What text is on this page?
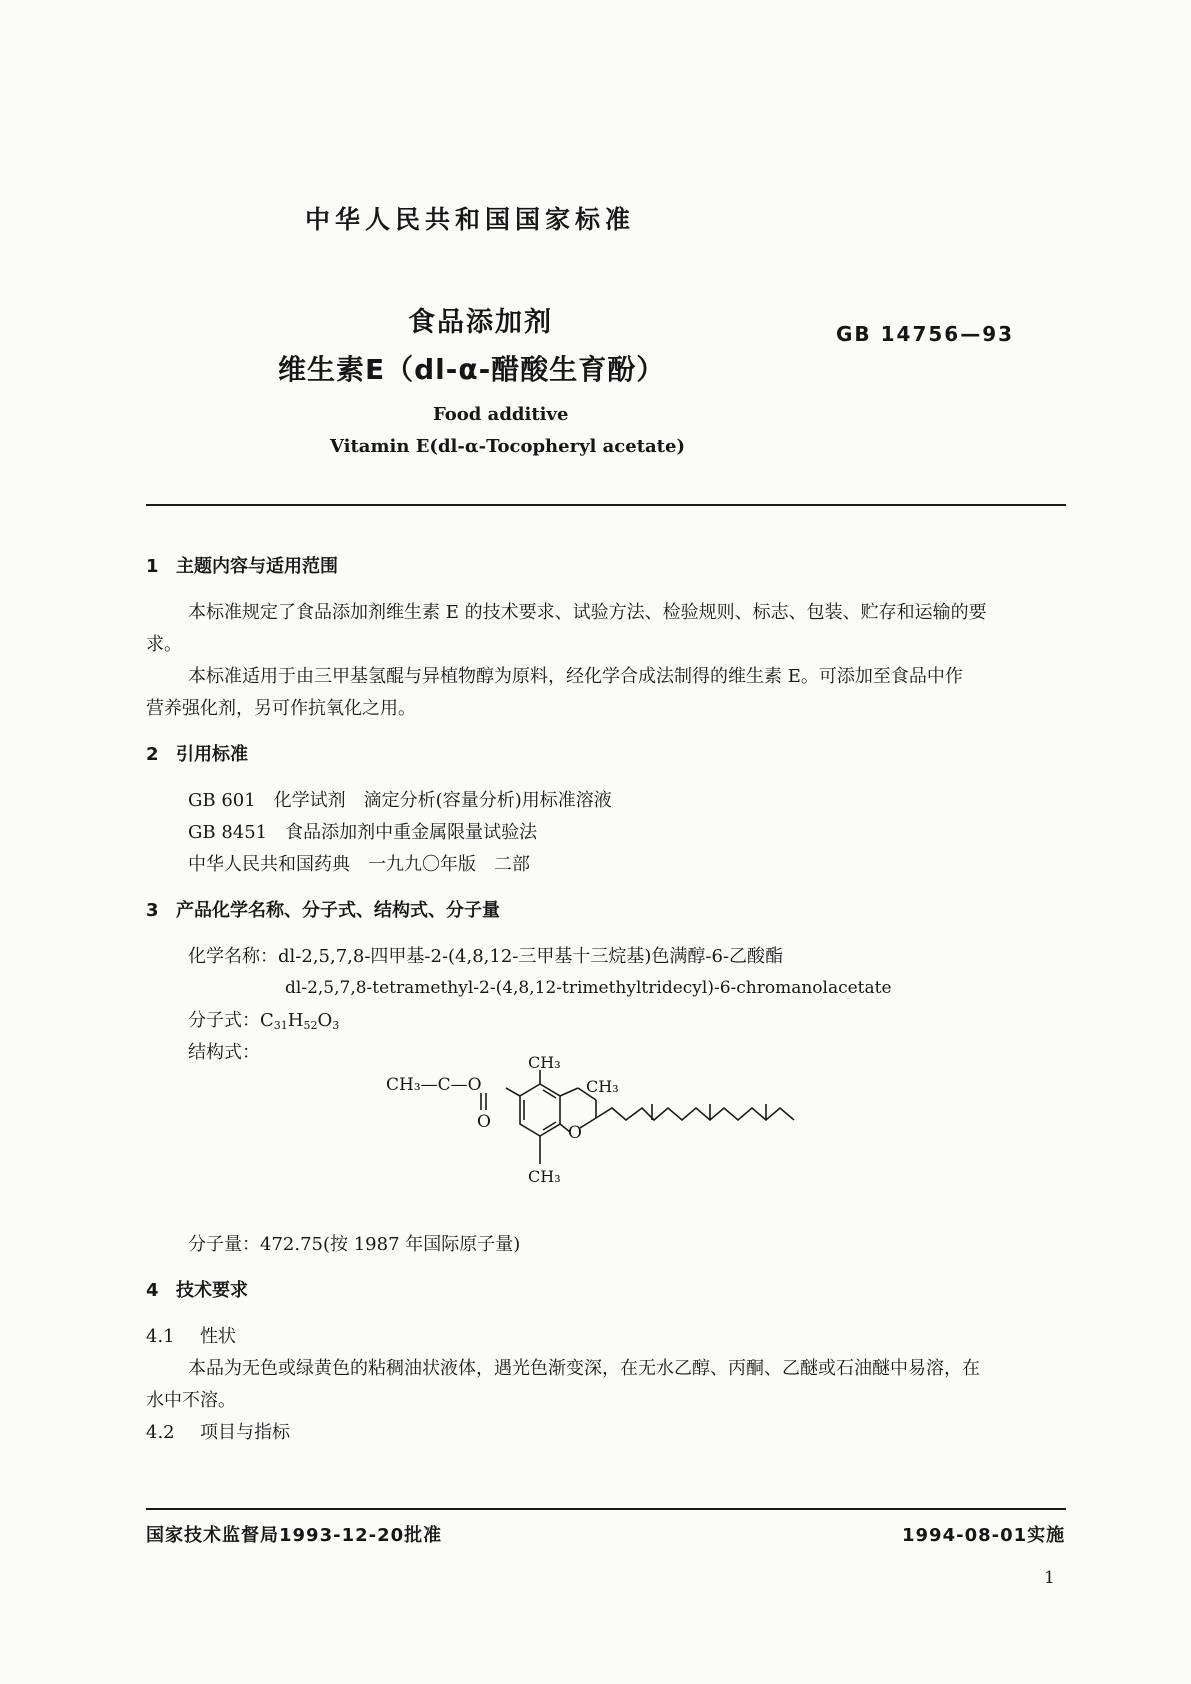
中华人民共和国国家标准
食品添加剂
维生素E（dl-α-醋酸生育酚）
GB 14756—93
Food additive
Vitamin E(dl-α-Tocopheryl acetate)
1 主题内容与适用范围
本标准规定了食品添加剂维生素 E 的技术要求、试验方法、检验规则、标志、包装、贮存和运输的要
求。
本标准适用于由三甲基氢醌与异植物醇为原料，经化学合成法制得的维生素 E。可添加至食品中作
营养强化剂，另可作抗氧化之用。
2 引用标准
GB 601　化学试剂　滴定分析(容量分析)用标准溶液
GB 8451　食品添加剂中重金属限量试验法
中华人民共和国药典　一九九〇年版　二部
3 产品化学名称、分子式、结构式、分子量
化学名称：dl-2,5,7,8-四甲基-2-(4,8,12-三甲基十三烷基)色满醇-6-乙酸酯
dl-2,5,7,8-tetramethyl-2-(4,8,12-trimethyltridecyl)-6-chromanolacetate
分子式：$C_{31}H_{52}O_3$
结构式：
CH₃—C—O
O
CH₃
CH₃
CH₃
O
分子量：472.75(按 1987 年国际原子量)
4 技术要求
4.1 性状
本品为无色或绿黄色的粘稠油状液体，遇光色渐变深，在无水乙醇、丙酮、乙醚或石油醚中易溶，在
水中不溶。
4.2 项目与指标
国家技术监督局1993-12-20批准	1994-08-01实施
1
